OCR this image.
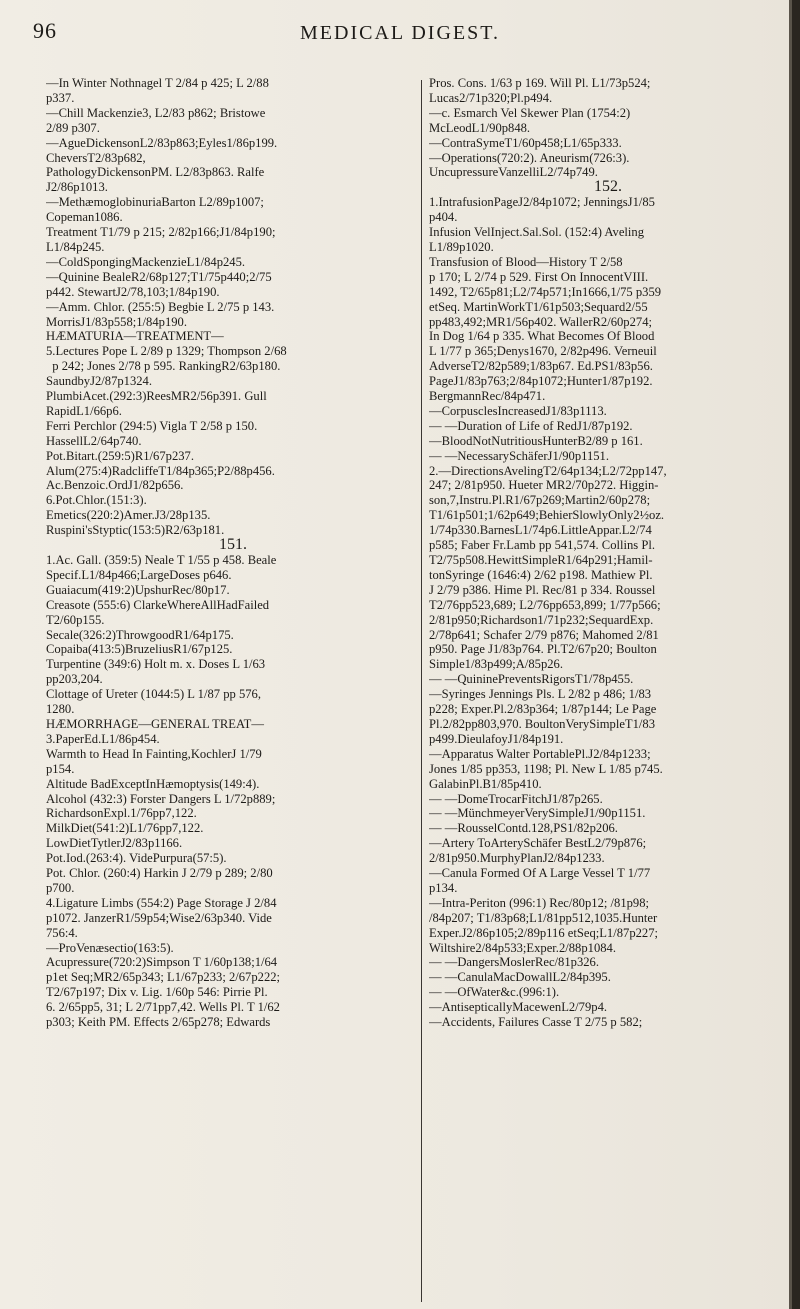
96	MEDICAL DIGEST.
—In Winter Nothnagel T 2/84 p 425; L 2/88
p337.
—Chill Mackenzie3, L2/83 p862; Bristowe
2/89 p307.
—AgueDickensonL2/83p863;Eyles1/86p199.
CheversT2/83p682,
PathologyDickensonPM. L2/83p863. Ralfe
J2/86p1013.
—MethæmoglobinuriaBarton L2/89p1007;
Copeman1086.
Treatment T1/79 p 215; 2/82p166;J1/84p190;
L1/84p245.
—ColdSpongingMackenzieL1/84p245.
—Quinine BealeR2/68p127;T1/75p440;2/75
p442. StewartJ2/78,103;1/84p190.
—Amm. Chlor. (255:5) Begbie L 2/75 p 143.
MorrisJ1/83p558;1/84p190.
HÆMATURIA—TREATMENT—
5.Lectures Pope L 2/89 p 1329; Thompson 2/68
p 242; Jones 2/78 p 595. RankingR2/63p180.
SaundbyJ2/87p1324.
PlumbiAcet.(292:3)ReesMR2/56p391. Gull
RapidL1/66p6.
Ferri Perchlor (294:5) Vigla T 2/58 p 150.
HassellL2/64p740.
Pot.Bitart.(259:5)R1/67p237.
Alum(275:4)RadcliffeT1/84p365;P2/88p456.
Ac.Benzoic.OrdJ1/82p656.
6.Pot.Chlor.(151:3).
Emetics(220:2)Amer.J3/28p135.
Ruspini'sStyptic(153:5)R2/63p181.
151.
1.Ac. Gall. (359:5) Neale T 1/55 p 458. Beale
Specif.L1/84p466;LargeDoses p646.
Guaiacum(419:2)UpshurRec/80p17.
Creasote (555:6) ClarkeWhereAllHadFailed
T2/60p155.
Secale(326:2)ThrowgoodR1/64p175.
Copaiba(413:5)BruzeliusR1/67p125.
Turpentine (349:6) Holt m. x. Doses L 1/63
pp203,204.
Clottage of Ureter (1044:5) L 1/87 pp 576,
1280.
HÆMORRHAGE—GENERAL TREAT—
3.PaperEd.L1/86p454.
Warmth to Head In Fainting,KochlerJ 1/79
p154.
Altitude BadExceptInHæmoptysis(149:4).
Alcohol (432:3) Forster Dangers L 1/72p889;
RichardsonExpl.1/76pp7,122.
MilkDiet(541:2)L1/76pp7,122.
LowDietTytlerJ2/83p1166.
Pot.Iod.(263:4). VidePurpura(57:5).
Pot. Chlor. (260:4) Harkin J 2/79 p 289; 2/80
p700.
4.Ligature Limbs (554:2) Page Storage J 2/84
p1072. JanzerR1/59p54;Wise2/63p340. Vide
756:4.
—ProVenæsectio(163:5).
Acupressure(720:2)Simpson T 1/60p138;1/64
p1et Seq;MR2/65p343; L1/67p233; 2/67p222;
T2/67p197; Dix v. Lig. 1/60p 546: Pirrie Pl.
6. 2/65pp5, 31; L 2/71pp7,42. Wells Pl. T 1/62
p303; Keith PM. Effects 2/65p278; Edwards
Pros. Cons. 1/63 p 169. Will Pl. L1/73p524;
Lucas2/71p320;Pl.p494.
—c. Esmarch Vel Skewer Plan (1754:2)
McLeodL1/90p848.
—ContraSymeT1/60p458;L1/65p333.
—Operations(720:2). Aneurism(726:3).
UncupressureVanzelliL2/74p749.
152.
1.IntrafusionPageJ2/84p1072; JenningsJ1/85
p404.
Infusion VelInject.Sal.Sol. (152:4) Aveling
L1/89p1020.
Transfusion of Blood—History T 2/58
p 170; L 2/74 p 529. First On InnocentVIII.
1492, T2/65p81;L2/74p571;In1666,1/75 p359
etSeq. MartinWorkT1/61p503;Sequard2/55
pp483,492;MR1/56p402. WallerR2/60p274;
In Dog 1/64 p 335. What Becomes Of Blood
L 1/77 p 365;Denys1670, 2/82p496. Verneuil
AdverseT2/82p589;1/83p67. Ed.PS1/83p56.
PageJ1/83p763;2/84p1072;Hunter1/87p192.
BergmannRec/84p471.
—CorpusclesIncreasedJ1/83p1113.
— —Duration of Life of RedJ1/87p192.
—BloodNotNutritiousHunterB2/89 p 161.
— —NecessarySchäferJ1/90p1151.
2.—DirectionsAvelingT2/64p134;L2/72pp147,
247; 2/81p950. Hueter MR2/70p272. Higgin-
son,7,Instru.Pl.R1/67p269;Martin2/60p278;
T1/61p501;1/62p649;BehierSlowlyOnly2½oz.
1/74p330.BarnesL1/74p6.LittleAppar.L2/74
p585; Faber Fr.Lamb pp 541,574. Collins Pl.
T2/75p508.HewittSimpleR1/64p291;Hamil-
tonSyringe (1646:4) 2/62 p198. Mathiew Pl.
J 2/79 p386. Hime Pl. Rec/81 p 334. Roussel
T2/76pp523,689; L2/76pp653,899; 1/77p566;
2/81p950;Richardson1/71p232;SequardExp.
2/78p641; Schafer 2/79 p876; Mahomed 2/81
p950. Page J1/83p764. Pl.T2/67p20; Boulton
Simple1/83p499;A/85p26.
— —QuininePreventsRigorsT1/78p455.
—Syringes Jennings Pls. L 2/82 p 486; 1/83
p228; Exper.Pl.2/83p364; 1/87p144; Le Page
Pl.2/82pp803,970. BoultonVerySimpleT1/83
p499.DieulafoyJ1/84p191.
—Apparatus Walter PortablePl.J2/84p1233;
Jones 1/85 pp353, 1198; Pl. New L 1/85 p745.
GalabinPl.B1/85p410.
— —DomeTrocarFitchJ1/87p265.
— —MünchmeyerVerySimpleJ1/90p1151.
— —RousselContd.128,PS1/82p206.
—Artery ToArterySchäfer BestL2/79p876;
2/81p950.MurphyPlanJ2/84p1233.
—Canula Formed Of A Large Vessel T 1/77
p134.
—Intra-Periton (996:1) Rec/80p12; /81p98;
/84p207; T1/83p68;L1/81pp512,1035.Hunter
Exper.J2/86p105;2/89p116 etSeq;L1/87p227;
Wiltshire2/84p533;Exper.2/88p1084.
— —DangersMoslerRec/81p326.
— —CanulaMacDowallL2/84p395.
— —OfWater&c.(996:1).
—AntisepticallyMacewenL2/79p4.
—Accidents, Failures Casse T 2/75 p 582;
